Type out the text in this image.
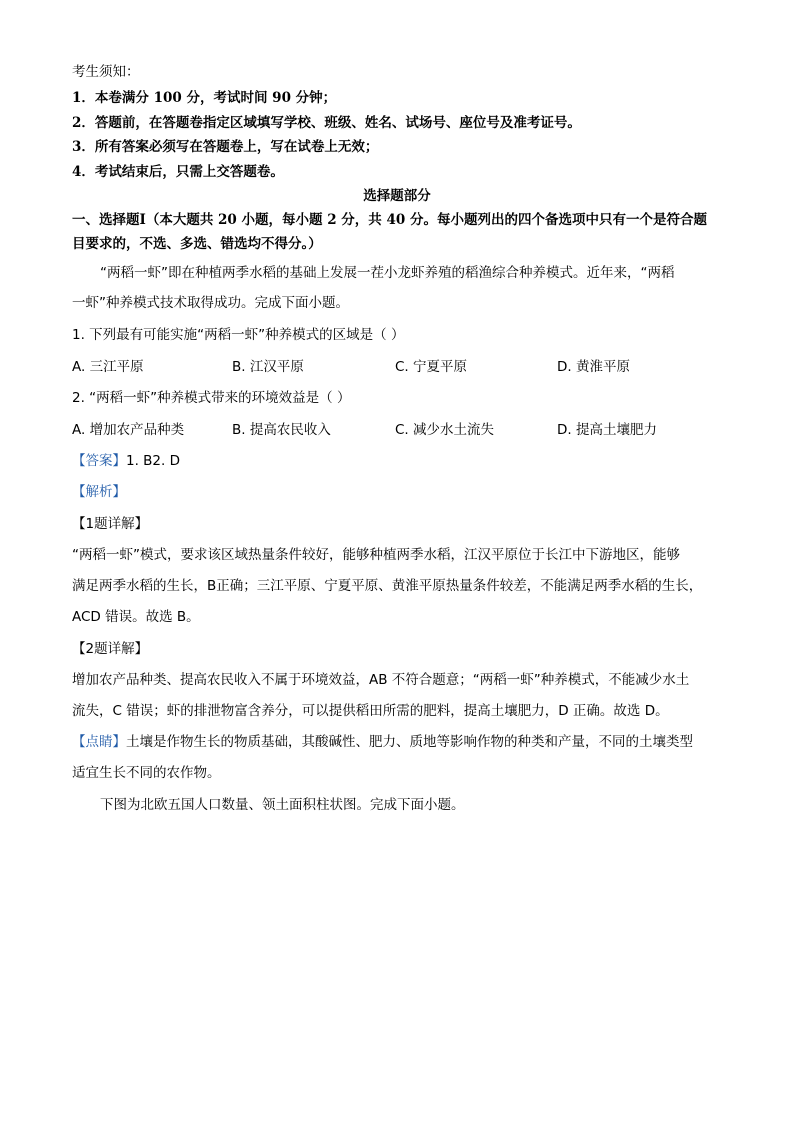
考生须知：
1．本卷满分 100 分，考试时间 90 分钟；
2．答题前，在答题卷指定区域填写学校、班级、姓名、试场号、座位号及准考证号。
3．所有答案必须写在答题卷上，写在试卷上无效；
4．考试结束后，只需上交答题卷。
选择题部分
一、选择题Ⅰ（本大题共 20 小题，每小题 2 分，共 40 分。每小题列出的四个备选项中只有一个是符合题
目要求的，不选、多选、错选均不得分。）
“两稻一虾”即在种植两季水稻的基础上发展一茬小龙虾养殖的稻渔综合种养模式。近年来，“两稻
一虾”种养模式技术取得成功。完成下面小题。
1. 下列最有可能实施“两稻一虾”种养模式的区域是（ ）
A. 三江平原	B. 江汉平原	C. 宁夏平原	D. 黄淮平原
2. “两稻一虾”种养模式带来的环境效益是（ ）
A. 增加农产品种类	B. 提高农民收入	C. 减少水土流失	D. 提高土壤肥力
【答案】1. B2. D
【解析】
【1题详解】
“两稻一虾”模式，要求该区域热量条件较好，能够种植两季水稻，江汉平原位于长江中下游地区，能够
满足两季水稻的生长，B正确；三江平原、宁夏平原、黄淮平原热量条件较差，不能满足两季水稻的生长，
ACD 错误。故选 B。
【2题详解】
增加农产品种类、提高农民收入不属于环境效益，AB 不符合题意；“两稻一虾”种养模式，不能减少水土
流失，C 错误；虾的排泄物富含养分，可以提供稻田所需的肥料，提高土壤肥力，D 正确。故选 D。
【点睛】土壤是作物生长的物质基础，其酸碱性、肥力、质地等影响作物的种类和产量，不同的土壤类型
适宜生长不同的农作物。
下图为北欧五国人口数量、领土面积柱状图。完成下面小题。
